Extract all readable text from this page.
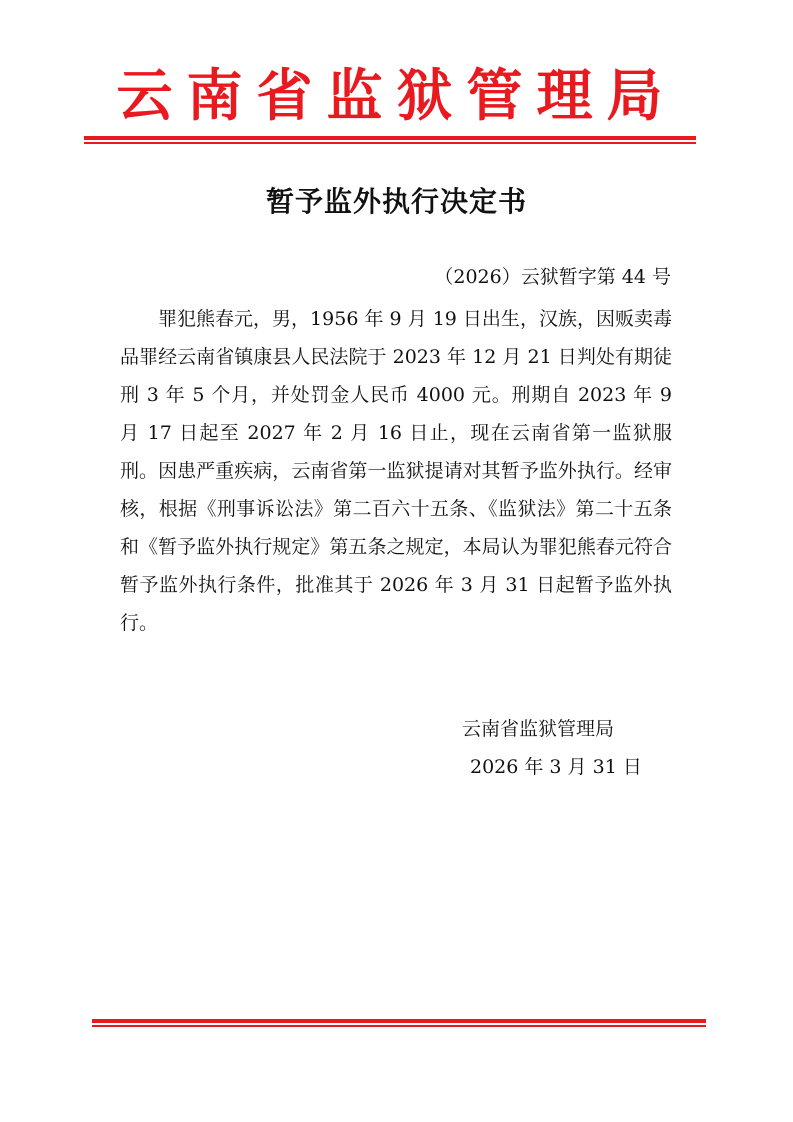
云南省监狱管理局
暂予监外执行决定书
（2026）云狱暂字第 44 号

罪犯熊春元，男，1956 年 9 月 19 日出生，汉族，因贩卖毒品罪经云南省镇康县人民法院于 2023 年 12 月 21 日判处有期徒刑 3 年 5 个月，并处罚金人民币 4000 元。刑期自 2023 年 9 月 17 日起至 2027 年 2 月 16 日止，现在云南省第一监狱服刑。因患严重疾病，云南省第一监狱提请对其暂予监外执行。经审核，根据《刑事诉讼法》第二百六十五条、《监狱法》第二十五条和《暂予监外执行规定》第五条之规定，本局认为罪犯熊春元符合暂予监外执行条件，批准其于 2026 年 3 月 31 日起暂予监外执行。

云南省监狱管理局
2026 年 3 月 31 日
